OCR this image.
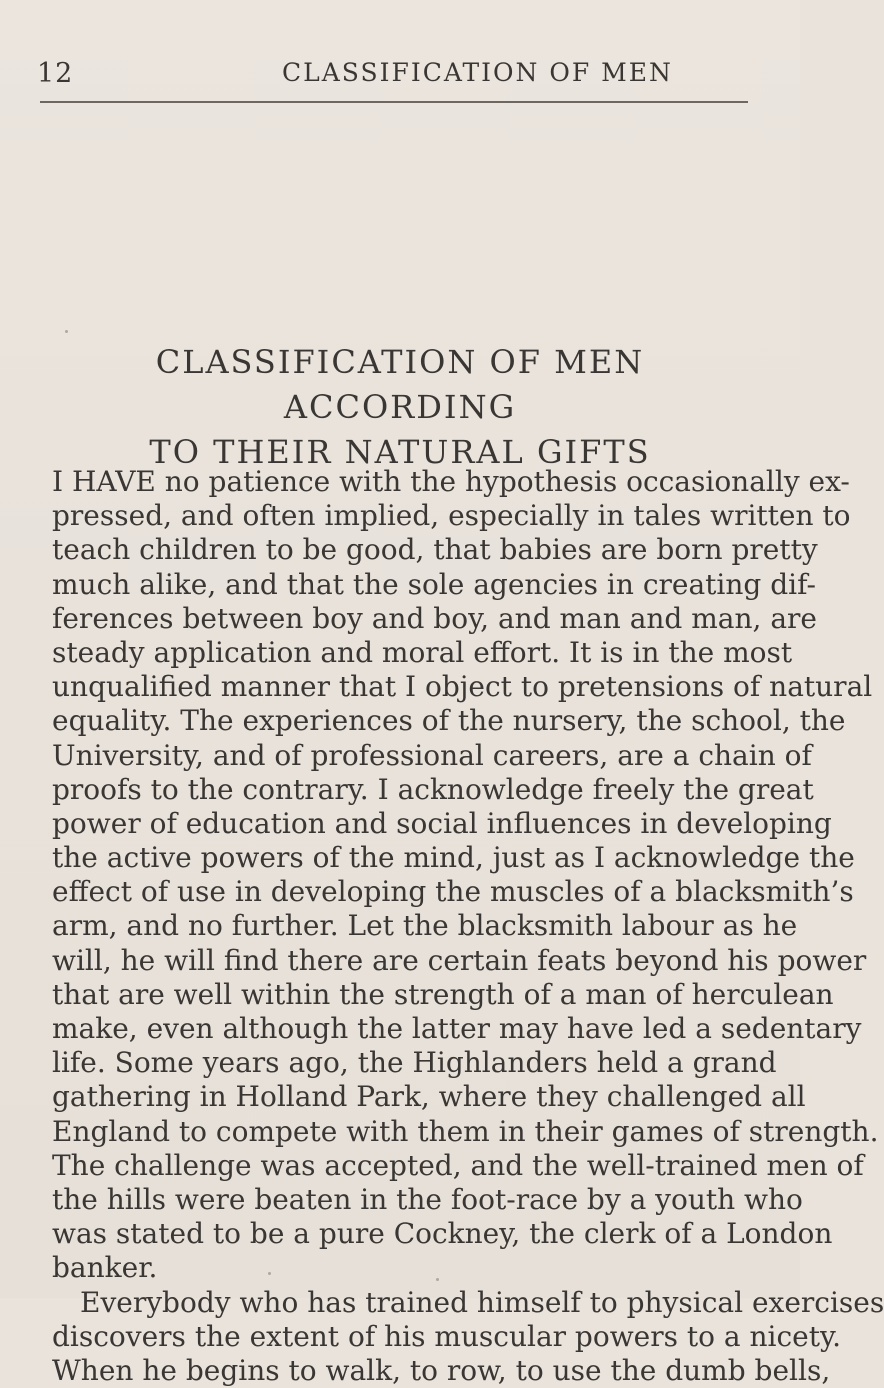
12	CLASSIFICATION OF MEN
CLASSIFICATION OF MEN ACCORDING
TO THEIR NATURAL GIFTS
I HAVE no patience with the hypothesis occasionally ex-
pressed, and often implied, especially in tales written to
teach children to be good, that babies are born pretty
much alike, and that the sole agencies in creating dif-
ferences between boy and boy, and man and man, are
steady application and moral effort. It is in the most
unqualified manner that I object to pretensions of natural
equality. The experiences of the nursery, the school, the
University, and of professional careers, are a chain of
proofs to the contrary. I acknowledge freely the great
power of education and social influences in developing
the active powers of the mind, just as I acknowledge the
effect of use in developing the muscles of a blacksmith’s
arm, and no further. Let the blacksmith labour as he
will, he will find there are certain feats beyond his power
that are well within the strength of a man of herculean
make, even although the latter may have led a sedentary
life. Some years ago, the Highlanders held a grand
gathering in Holland Park, where they challenged all
England to compete with them in their games of strength.
The challenge was accepted, and the well-trained men of
the hills were beaten in the foot-race by a youth who
was stated to be a pure Cockney, the clerk of a London
banker.
Everybody who has trained himself to physical exercises
discovers the extent of his muscular powers to a nicety.
When he begins to walk, to row, to use the dumb bells,
